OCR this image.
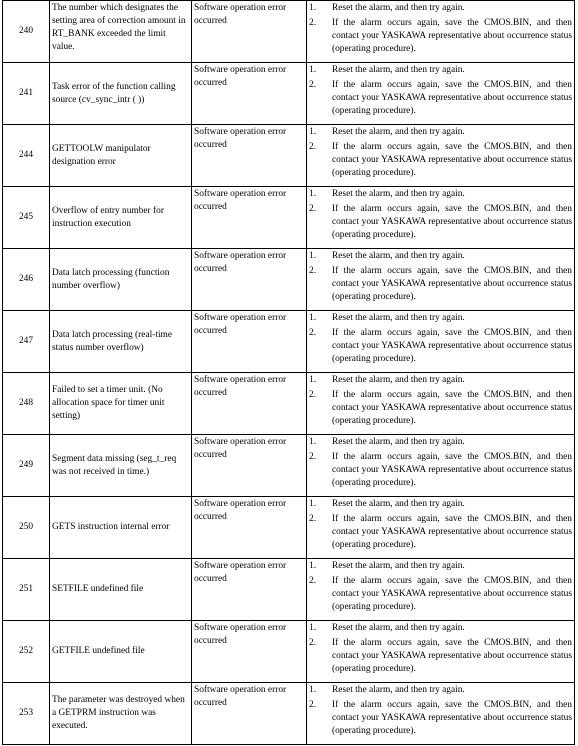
240	The number which designates the setting area of correction amount in RT_BANK exceeded the limit value.	Software operation error occurred	1. Reset the alarm, and then try again.
2. If the alarm occurs again, save the CMOS.BIN, and then contact your YASKAWA representative about occurrence status (operating procedure).

241	Task error of the function calling source (cv_sync_intr ( ))	Software operation error occurred	1. Reset the alarm, and then try again.
2. If the alarm occurs again, save the CMOS.BIN, and then contact your YASKAWA representative about occurrence status (operating procedure).

244	GETTOOLW manipulator designation error	Software operation error occurred	1. Reset the alarm, and then try again.
2. If the alarm occurs again, save the CMOS.BIN, and then contact your YASKAWA representative about occurrence status (operating procedure).

245	Overflow of entry number for instruction execution	Software operation error occurred	1. Reset the alarm, and then try again.
2. If the alarm occurs again, save the CMOS.BIN, and then contact your YASKAWA representative about occurrence status (operating procedure).

246	Data latch processing (function number overflow)	Software operation error occurred	1. Reset the alarm, and then try again.
2. If the alarm occurs again, save the CMOS.BIN, and then contact your YASKAWA representative about occurrence status (operating procedure).

247	Data latch processing (real-time status number overflow)	Software operation error occurred	1. Reset the alarm, and then try again.
2. If the alarm occurs again, save the CMOS.BIN, and then contact your YASKAWA representative about occurrence status (operating procedure).

248	Failed to set a timer unit. (No allocation space for timer unit setting)	Software operation error occurred	1. Reset the alarm, and then try again.
2. If the alarm occurs again, save the CMOS.BIN, and then contact your YASKAWA representative about occurrence status (operating procedure).

249	Segment data missing (seg_t_req was not received in time.)	Software operation error occurred	1. Reset the alarm, and then try again.
2. If the alarm occurs again, save the CMOS.BIN, and then contact your YASKAWA representative about occurrence status (operating procedure).

250	GETS instruction internal error	Software operation error occurred	1. Reset the alarm, and then try again.
2. If the alarm occurs again, save the CMOS.BIN, and then contact your YASKAWA representative about occurrence status (operating procedure).

251	SETFILE undefined file	Software operation error occurred	1. Reset the alarm, and then try again.
2. If the alarm occurs again, save the CMOS.BIN, and then contact your YASKAWA representative about occurrence status (operating procedure).

252	GETFILE undefined file	Software operation error occurred	1. Reset the alarm, and then try again.
2. If the alarm occurs again, save the CMOS.BIN, and then contact your YASKAWA representative about occurrence status (operating procedure).

253	The parameter was destroyed when a GETPRM instruction was executed.	Software operation error occurred	1. Reset the alarm, and then try again.
2. If the alarm occurs again, save the CMOS.BIN, and then contact your YASKAWA representative about occurrence status (operating procedure).
